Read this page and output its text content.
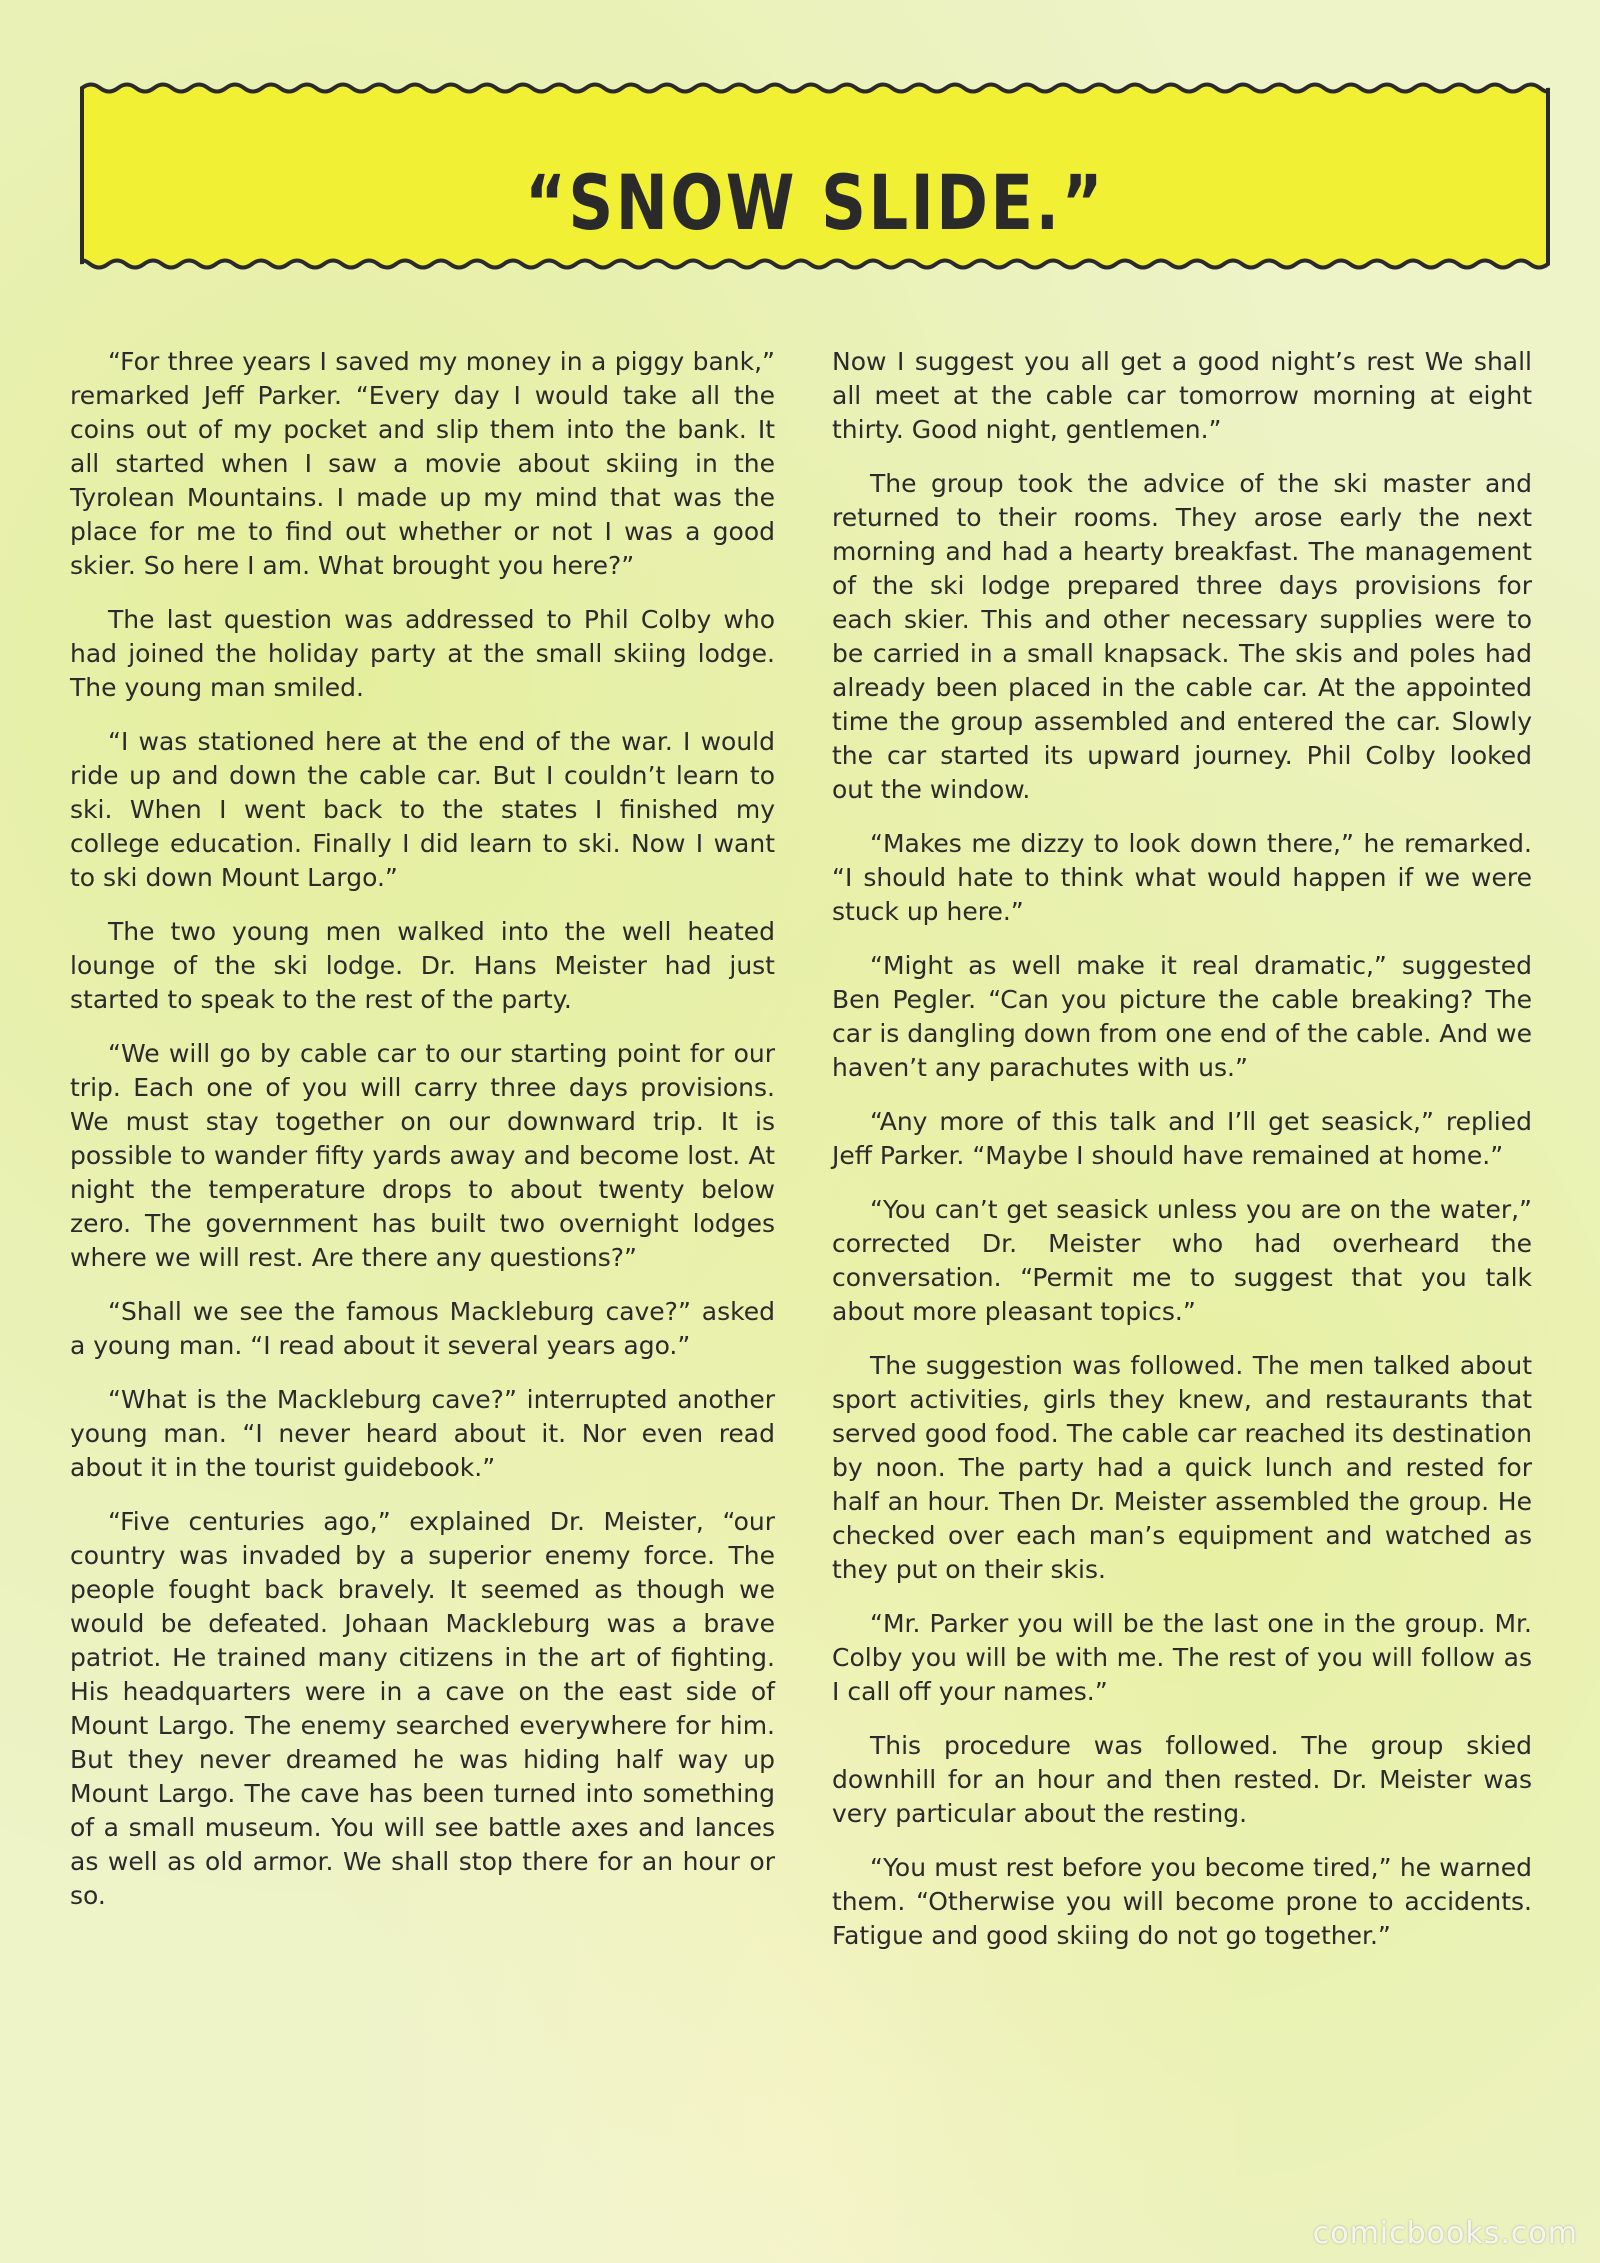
“SNOW SLIDE.”

“For three years I saved my money in a piggy bank,” remarked Jeff Parker. “Every day I would take all the coins out of my pocket and slip them into the bank. It all started when I saw a movie about skiing in the Tyrolean Mountains. I made up my mind that was the place for me to find out whether or not I was a good skier. So here I am. What brought you here?”

The last question was addressed to Phil Colby who had joined the holiday party at the small skiing lodge. The young man smiled.

“I was stationed here at the end of the war. I would ride up and down the cable car. But I couldn’t learn to ski. When I went back to the states I finished my college education. Finally I did learn to ski. Now I want to ski down Mount Largo.”

The two young men walked into the well heated lounge of the ski lodge. Dr. Hans Meister had just started to speak to the rest of the party.

“We will go by cable car to our starting point for our trip. Each one of you will carry three days provisions. We must stay together on our downward trip. It is possible to wander fifty yards away and become lost. At night the temperature drops to about twenty below zero. The government has built two overnight lodges where we will rest. Are there any questions?”

“Shall we see the famous Mackleburg cave?” asked a young man. “I read about it several years ago.”

“What is the Mackleburg cave?” interrupted another young man. “I never heard about it. Nor even read about it in the tourist guidebook.”

“Five centuries ago,” explained Dr. Meister, “our country was invaded by a superior enemy force. The people fought back bravely. It seemed as though we would be defeated. Johaan Mackleburg was a brave patriot. He trained many citizens in the art of fighting. His headquarters were in a cave on the east side of Mount Largo. The enemy searched everywhere for him. But they never dreamed he was hiding half way up Mount Largo. The cave has been turned into something of a small museum. You will see battle axes and lances as well as old armor. We shall stop there for an hour or so.

Now I suggest you all get a good night’s rest We shall all meet at the cable car tomorrow morning at eight thirty. Good night, gentlemen.”

The group took the advice of the ski master and returned to their rooms. They arose early the next morning and had a hearty breakfast. The management of the ski lodge prepared three days provisions for each skier. This and other necessary supplies were to be carried in a small knapsack. The skis and poles had already been placed in the cable car. At the appointed time the group assembled and entered the car. Slowly the car started its upward journey. Phil Colby looked out the window.

“Makes me dizzy to look down there,” he remarked. “I should hate to think what would happen if we were stuck up here.”

“Might as well make it real dramatic,” suggested Ben Pegler. “Can you picture the cable breaking? The car is dangling down from one end of the cable. And we haven’t any parachutes with us.”

“Any more of this talk and I’ll get seasick,” replied Jeff Parker. “Maybe I should have remained at home.”

“You can’t get seasick unless you are on the water,” corrected Dr. Meister who had overheard the conversation. “Permit me to suggest that you talk about more pleasant topics.”

The suggestion was followed. The men talked about sport activities, girls they knew, and restaurants that served good food. The cable car reached its destination by noon. The party had a quick lunch and rested for half an hour. Then Dr. Meister assembled the group. He checked over each man’s equipment and watched as they put on their skis.

“Mr. Parker you will be the last one in the group. Mr. Colby you will be with me. The rest of you will follow as I call off your names.”

This procedure was followed. The group skied downhill for an hour and then rested. Dr. Meister was very particular about the resting.

“You must rest before you become tired,” he warned them. “Otherwise you will become prone to accidents. Fatigue and good skiing do not go together.”

comicbooks.com
